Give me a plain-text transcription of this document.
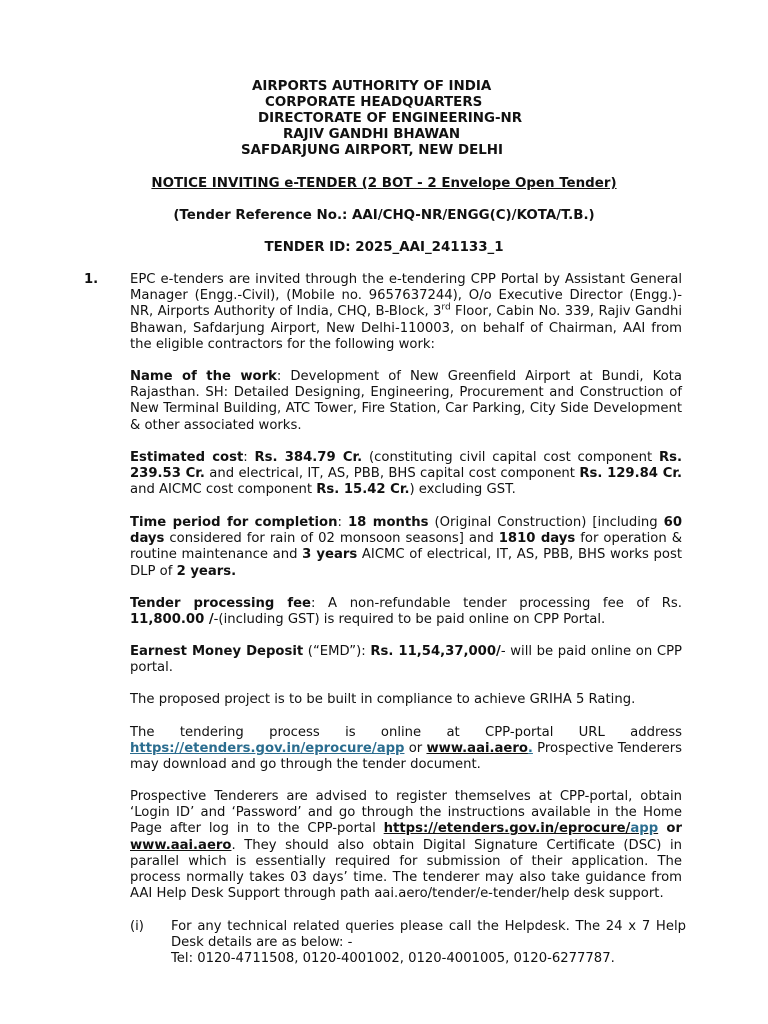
AIRPORTS AUTHORITY OF INDIA
CORPORATE HEADQUARTERS
DIRECTORATE OF ENGINEERING-NR
RAJIV GANDHI BHAWAN
SAFDARJUNG AIRPORT, NEW DELHI
NOTICE INVITING e-TENDER (2 BOT - 2 Envelope Open Tender)
(Tender Reference No.: AAI/CHQ-NR/ENGG(C)/KOTA/T.B.)
TENDER ID: 2025_AAI_241133_1
1. EPC e-tenders are invited through the e-tendering CPP Portal by Assistant General Manager (Engg.-Civil), (Mobile no. 9657637244), O/o Executive Director (Engg.)- NR, Airports Authority of India, CHQ, B-Block, 3rd Floor, Cabin No. 339, Rajiv Gandhi Bhawan, Safdarjung Airport, New Delhi-110003, on behalf of Chairman, AAI from the eligible contractors for the following work:
Name of the work: Development of New Greenfield Airport at Bundi, Kota Rajasthan. SH: Detailed Designing, Engineering, Procurement and Construction of New Terminal Building, ATC Tower, Fire Station, Car Parking, City Side Development & other associated works.
Estimated cost: Rs. 384.79 Cr. (constituting civil capital cost component Rs. 239.53 Cr. and electrical, IT, AS, PBB, BHS capital cost component Rs. 129.84 Cr. and AICMC cost component Rs. 15.42 Cr.) excluding GST.
Time period for completion: 18 months (Original Construction) [including 60 days considered for rain of 02 monsoon seasons] and 1810 days for operation & routine maintenance and 3 years AICMC of electrical, IT, AS, PBB, BHS works post DLP of 2 years.
Tender processing fee: A non-refundable tender processing fee of Rs. 11,800.00 /-(including GST) is required to be paid online on CPP Portal.
Earnest Money Deposit (“EMD”): Rs. 11,54,37,000/- will be paid online on CPP portal.
The proposed project is to be built in compliance to achieve GRIHA 5 Rating.
The tendering process is online at CPP-portal URL address
https://etenders.gov.in/eprocure/app or www.aai.aero. Prospective Tenderers may download and go through the tender document.
Prospective Tenderers are advised to register themselves at CPP-portal, obtain ‘Login ID’ and ‘Password’ and go through the instructions available in the Home Page after log in to the CPP-portal https://etenders.gov.in/eprocure/app or www.aai.aero. They should also obtain Digital Signature Certificate (DSC) in parallel which is essentially required for submission of their application. The process normally takes 03 days’ time. The tenderer may also take guidance from AAI Help Desk Support through path aai.aero/tender/e-tender/help desk support.
(i) For any technical related queries please call the Helpdesk. The 24 x 7 Help Desk details are as below: -
Tel: 0120-4711508, 0120-4001002, 0120-4001005, 0120-6277787.
